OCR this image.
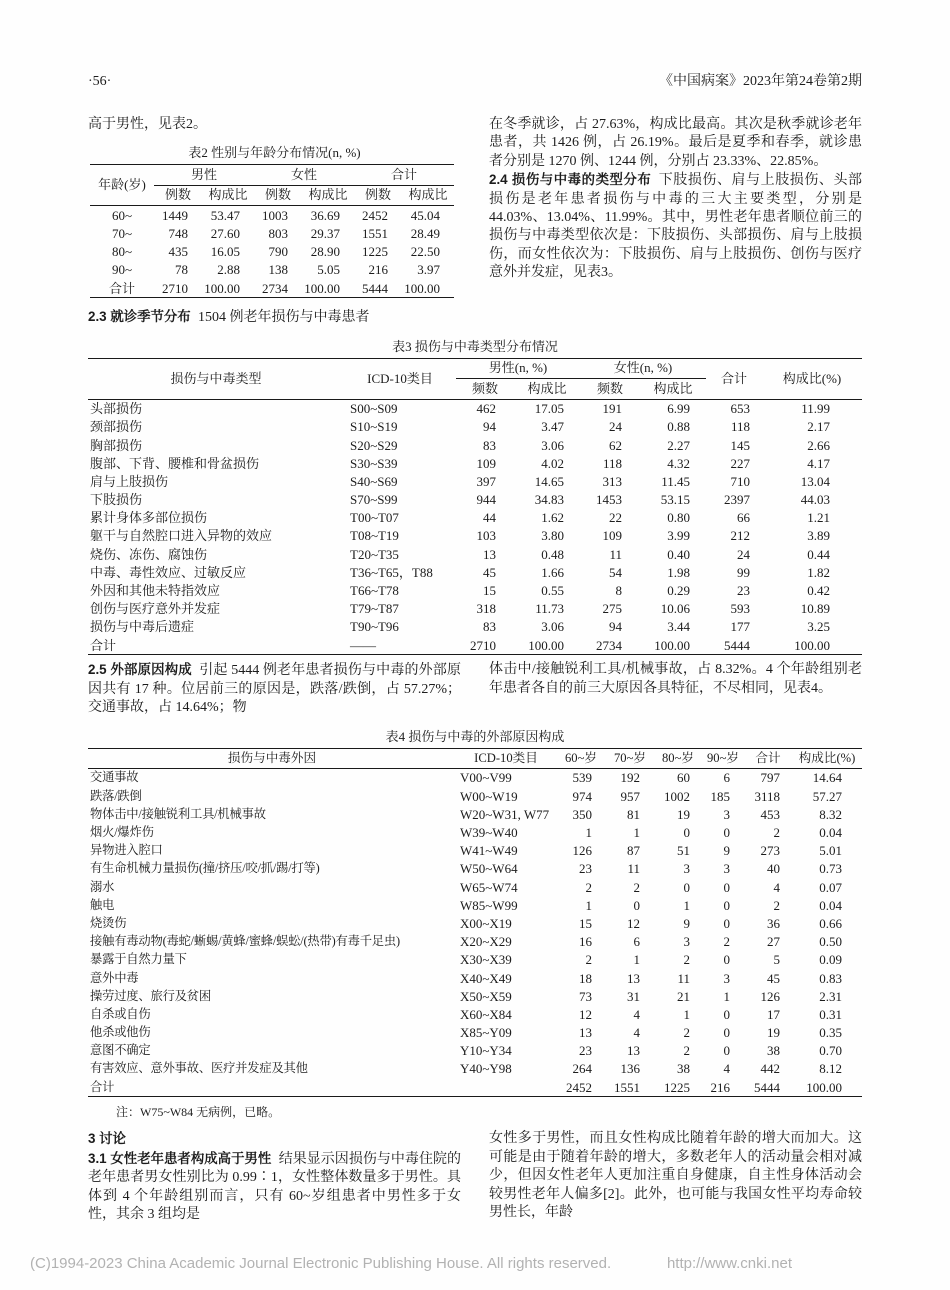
·56·	《中国病案》2023年第24卷第2期

高于男性，见表2。

表2 性别与年龄分布情况(n, %)
年龄(岁)	男性		女性		合计	
	例数	构成比	例数	构成比	例数	构成比
60~	1449	53.47	1003	36.69	2452	45.04
70~	748	27.60	803	29.37	1551	28.49
80~	435	16.05	790	28.90	1225	22.50
90~	78	2.88	138	5.05	216	3.97
合计	2710	100.00	2734	100.00	5444	100.00

2.3 就诊季节分布 1504 例老年损伤与中毒患者

在冬季就诊，占 27.63%，构成比最高。其次是秋季就诊老年患者，共 1426 例，占 26.19%。最后是夏季和春季，就诊患者分别是 1270 例、1244 例，分别占 23.33%、22.85%。

2.4 损伤与中毒的类型分布 下肢损伤、肩与上肢损伤、头部损伤是老年患者损伤与中毒的三大主要类型，分别是 44.03%、13.04%、11.99%。其中，男性老年患者顺位前三的损伤与中毒类型依次是：下肢损伤、头部损伤、肩与上肢损伤，而女性依次为：下肢损伤、肩与上肢损伤、创伤与医疗意外并发症，见表3。

表3 损伤与中毒类型分布情况
损伤与中毒类型	ICD-10类目	男性(n, %)		女性(n, %)		合计	构成比(%)
		频数	构成比	频数	构成比		
头部损伤	S00~S09	462	17.05	191	6.99	653	11.99
颈部损伤	S10~S19	94	3.47	24	0.88	118	2.17
胸部损伤	S20~S29	83	3.06	62	2.27	145	2.66
腹部、下背、腰椎和骨盆损伤	S30~S39	109	4.02	118	4.32	227	4.17
肩与上肢损伤	S40~S69	397	14.65	313	11.45	710	13.04
下肢损伤	S70~S99	944	34.83	1453	53.15	2397	44.03
累计身体多部位损伤	T00~T07	44	1.62	22	0.80	66	1.21
躯干与自然腔口进入异物的效应	T08~T19	103	3.80	109	3.99	212	3.89
烧伤、冻伤、腐蚀伤	T20~T35	13	0.48	11	0.40	24	0.44
中毒、毒性效应、过敏反应	T36~T65，T88	45	1.66	54	1.98	99	1.82
外因和其他未特指效应	T66~T78	15	0.55	8	0.29	23	0.42
创伤与医疗意外并发症	T79~T87	318	11.73	275	10.06	593	10.89
损伤与中毒后遗症	T90~T96	83	3.06	94	3.44	177	3.25
合计	——	2710	100.00	2734	100.00	5444	100.00

2.5 外部原因构成 引起 5444 例老年患者损伤与中毒的外部原因共有 17 种。位居前三的原因是，跌落/跌倒，占 57.27%；交通事故，占 14.64%；物

体击中/接触锐利工具/机械事故，占 8.32%。4 个年龄组别老年患者各自的前三大原因各具特征，不尽相同，见表4。

表4 损伤与中毒的外部原因构成
损伤与中毒外因	ICD-10类目	60~岁	70~岁	80~岁	90~岁	合计	构成比(%)
交通事故	V00~V99	539	192	60	6	797	14.64
跌落/跌倒	W00~W19	974	957	1002	185	3118	57.27
物体击中/接触锐利工具/机械事故	W20~W31, W77	350	81	19	3	453	8.32
烟火/爆炸伤	W39~W40	1	1	0	0	2	0.04
异物进入腔口	W41~W49	126	87	51	9	273	5.01
有生命机械力量损伤(撞/挤压/咬/抓/踢/打等)	W50~W64	23	11	3	3	40	0.73
溺水	W65~W74	2	2	0	0	4	0.07
触电	W85~W99	1	0	1	0	2	0.04
烧烫伤	X00~X19	15	12	9	0	36	0.66
接触有毒动物(毒蛇/蜥蜴/黄蜂/蜜蜂/蜈蚣/(热带)有毒千足虫)	X20~X29	16	6	3	2	27	0.50
暴露于自然力量下	X30~X39	2	1	2	0	5	0.09
意外中毒	X40~X49	18	13	11	3	45	0.83
操劳过度、旅行及贫困	X50~X59	73	31	21	1	126	2.31
自杀或自伤	X60~X84	12	4	1	0	17	0.31
他杀或他伤	X85~Y09	13	4	2	0	19	0.35
意图不确定	Y10~Y34	23	13	2	0	38	0.70
有害效应、意外事故、医疗并发症及其他	Y40~Y98	264	136	38	4	442	8.12
合计		2452	1551	1225	216	5444	100.00
注：W75~W84 无病例，已略。

3 讨论

3.1 女性老年患者构成高于男性 结果显示因损伤与中毒住院的老年患者男女性别比为 0.99∶1，女性整体数量多于男性。具体到 4 个年龄组别而言，只有 60~岁组患者中男性多于女性，其余 3 组均是

女性多于男性，而且女性构成比随着年龄的增大而加大。这可能是由于随着年龄的增大，多数老年人的活动量会相对减少，但因女性老年人更加注重自身健康，自主性身体活动会较男性老年人偏多[2]。此外，也可能与我国女性平均寿命较男性长，年龄

(C)1994-2023 China Academic Journal Electronic Publishing House. All rights reserved.	http://www.cnki.net
